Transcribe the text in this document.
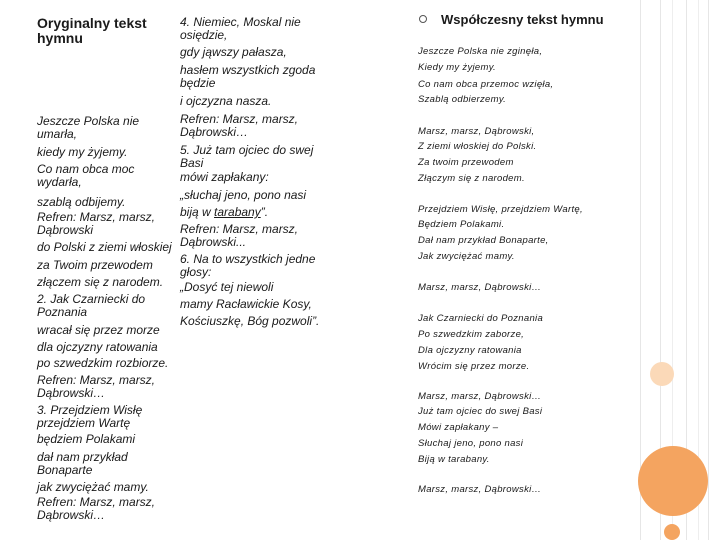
Oryginalny tekst
hymnu
Jeszcze Polska nie
umarła,
kiedy my żyjemy.
Co nam obca moc
wydarła,
szablą odbijemy.
Refren: Marsz, marsz,
Dąbrowski
do Polski z ziemi włoskiej
za Twoim przewodem
złączem się z narodem.
2. Jak Czarniecki do
Poznania
wracał się przez morze
dla ojczyzny ratowania
po szwedzkim rozbiorze.
Refren: Marsz, marsz,
Dąbrowski…
3. Przejdziem Wisłę
przejdziem Wartę
będziem Polakami
dał nam przykład
Bonaparte
jak zwyciężać mamy.
Refren: Marsz, marsz,
Dąbrowski…
4. Niemiec, Moskal nie
osiędzie,
gdy jąwszy pałasza,
hasłem wszystkich zgoda
będzie
i ojczyzna nasza.
Refren: Marsz, marsz,
Dąbrowski…
5. Już tam ojciec do swej
Basi
mówi zapłakany:
„słuchaj jeno, pono nasi
biją w tarabany”.
Refren: Marsz, marsz,
Dąbrowski...
6. Na to wszystkich jedne
głosy:
„Dosyć tej niewoli
mamy Racławickie Kosy,
Kościuszkę, Bóg pozwoli”.
Współczesny tekst hymnu
Jeszcze Polska nie zginęła,
Kiedy my żyjemy.
Co nam obca przemoc wzięła,
Szablą odbierzemy.
Marsz, marsz, Dąbrowski,
Z ziemi włoskiej do Polski.
Za twoim przewodem
Złączym się z narodem.
Przejdziem Wisłę, przejdziem Wartę,
Będziem Polakami.
Dał nam przykład Bonaparte,
Jak zwyciężać mamy.
Marsz, marsz, Dąbrowski…
Jak Czarniecki do Poznania
Po szwedzkim zaborze,
Dla ojczyzny ratowania
Wrócim się przez morze.
Marsz, marsz, Dąbrowski…
Już tam ojciec do swej Basi
Mówi zapłakany –
Słuchaj jeno, pono nasi
Biją w tarabany.
Marsz, marsz, Dąbrowski…
